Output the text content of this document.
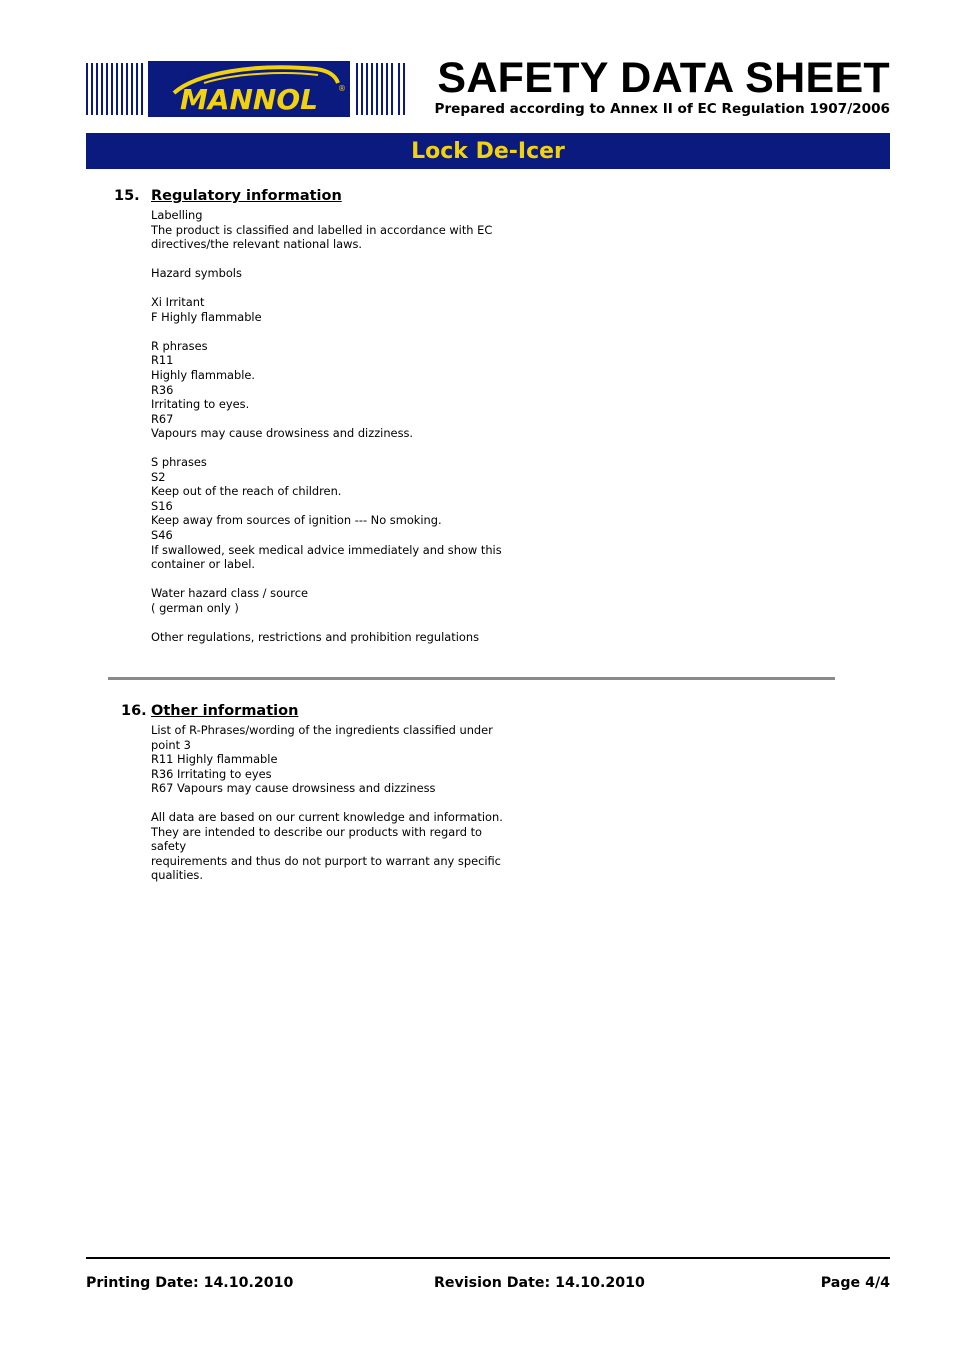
MANNOL ® SAFETY DATA SHEET
Prepared according to Annex II of EC Regulation 1907/2006
Lock De-Icer
15. Regulatory information

Labelling

The product is classified and labelled in accordance with EC

directives/the relevant national laws.

Hazard symbols

Xi Irritant

F Highly flammable

R phrases

R11

Highly flammable.

R36

Irritating to eyes.

R67

Vapours may cause drowsiness and dizziness.

S phrases

S2

Keep out of the reach of children.

S16

Keep away from sources of ignition --- No smoking.

S46

If swallowed, seek medical advice immediately and show this

container or label.

Water hazard class / source

( german only )

Other regulations, restrictions and prohibition regulations

16. Other information

List of R-Phrases/wording of the ingredients classified under

point 3

R11 Highly flammable

R36 Irritating to eyes

R67 Vapours may cause drowsiness and dizziness

All data are based on our current knowledge and information.

They are intended to describe our products with regard to safety

requirements and thus do not purport to warrant any specific

qualities.

Printing Date: 14.10.2010	Revision Date: 14.10.2010	Page 4/4
